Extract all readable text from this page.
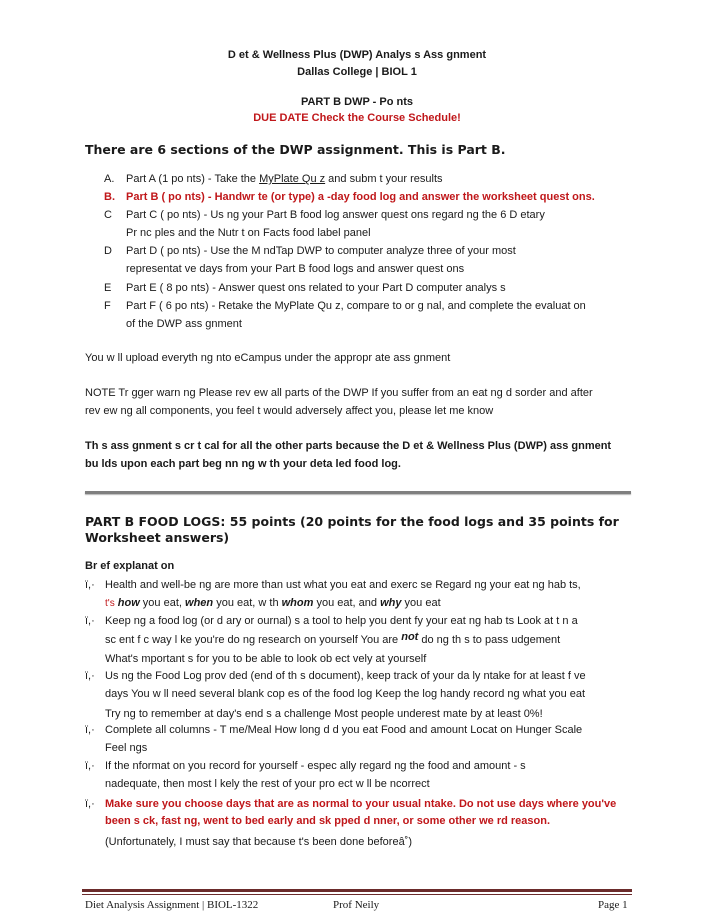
D et & Wellness Plus (DWP) Analys s Ass gnment
Dallas College | BIOL 1
PART B DWP - Po nts
DUE DATE Check the Course Schedule!
There are 6 sections of the DWP assignment. This is Part B.
A.	Part A (1 po nts) - Take the MyPlate Qu z and subm t your results
B.	Part B ( po nts) - Handwr te (or type) a -day food log and answer the worksheet quest ons.
C	Part C ( po nts) - Us ng your Part B food log answer quest ons regard ng the 6 D etary
Pr nc ples and the Nutr t on Facts food label panel
D	Part D ( po nts) - Use the M ndTap DWP to computer analyze three of your most
representat ve days from your Part B food logs and answer quest ons
E	Part E ( 8 po nts) - Answer quest ons related to your Part D computer analys s
F	Part F ( 6 po nts) - Retake the MyPlate Qu z, compare to or g nal, and complete the evaluat on
of the DWP ass gnment
You w ll upload everyth ng nto eCampus under the appropr ate ass gnment
NOTE Tr gger warn ng Please rev ew all parts of the DWP If you suffer from an eat ng d sorder and after
rev ew ng all components, you feel t would adversely affect you, please let me know
Th s ass gnment s cr t cal for all the other parts because the D et & Wellness Plus (DWP) ass gnment
bu lds upon each part beg nn ng w th your deta led food log.
PART B FOOD LOGS: 55 points (20 points for the food logs and 35 points for Worksheet answers)
Br ef explanat on
ï,· Health and well-be ng are more than ust what you eat and exerc se Regard ng your eat ng hab ts,
t's how you eat, when you eat, w th whom you eat, and why you eat
ï,· Keep ng a food log (or d ary or ournal) s a tool to help you dent fy your eat ng hab ts Look at t n a
sc ent f c way l ke you're do ng research on yourself You are not do ng th s to pass udgement
What's mportant s for you to be able to look ob ect vely at yourself
ï,· Us ng the Food Log prov ded (end of th s document), keep track of your da ly ntake for at least f ve
days You w ll need several blank cop es of the food log Keep the log handy record ng what you eat
Try ng to remember at day's end s a challenge Most people underest mate by at least 0%!
ï,· Complete all columns - T me/Meal How long d d you eat Food and amount Locat on Hunger Scale
Feel ngs
ï,· If the nformat on you record for yourself - espec ally regard ng the food and amount - s
nadequate, then most l kely the rest of your pro ect w ll be ncorrect
ï,· Make sure you choose days that are as normal to your usual ntake. Do not use days where you've
been s ck, fast ng, went to bed early and sk pped d nner, or some other we rd reason.
(Unfortunately, I must say that because t's been done beforeâ˚)
Diet Analysis Assignment | BIOL-1322	Prof Neily	Page 1
